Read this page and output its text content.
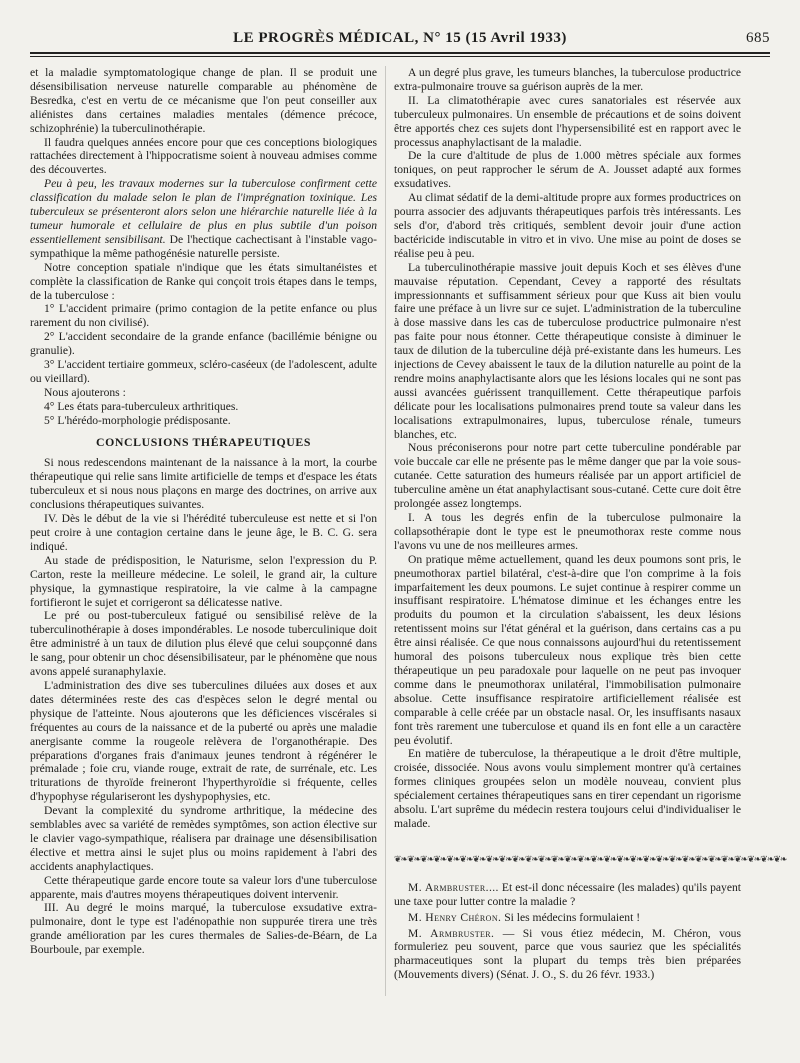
LE PROGRÈS MÉDICAL, N° 15 (15 Avril 1933)	685

et la maladie symptomatologique change de plan. Il se produit une désensibilisation nerveuse naturelle comparable au phénomène de Besredka, c'est en vertu de ce mécanisme que l'on peut conseiller aux aliénistes dans certaines maladies mentales (démence précoce, schizophrénie) la tuberculinothérapie.

Il faudra quelques années encore pour que ces conceptions biologiques rattachées directement à l'hippocratisme soient à nouveau admises comme des découvertes.

Peu à peu, les travaux modernes sur la tuberculose confirment cette classification du malade selon le plan de l'imprégnation toxinique. Les tuberculeux se présenteront alors selon une hiérarchie naturelle liée à la tumeur humorale et cellulaire de plus en plus subtile d'un poison essentiellement sensibilisant. De l'hectique cachectisant à l'instable vago-sympathique la même pathogénésie naturelle persiste.

Notre conception spatiale n'indique que les états simultanéistes et complète la classification de Ranke qui conçoit trois étapes dans le temps, de la tuberculose :

1° L'accident primaire (primo contagion de la petite enfance ou plus rarement du non civilisé).

2° L'accident secondaire de la grande enfance (bacillémie bénigne ou granulie).

3° L'accident tertiaire gommeux, scléro-caséeux (de l'adolescent, adulte ou vieillard).

Nous ajouterons :

4° Les états para-tuberculeux arthritiques.

5° L'hérédo-morphologie prédisposante.

CONCLUSIONS THÉRAPEUTIQUES

Si nous redescendons maintenant de la naissance à la mort, la courbe thérapeutique qui relie sans limite artificielle de temps et d'espace les états tuberculeux et si nous nous plaçons en marge des doctrines, on arrive aux conclusions thérapeutiques suivantes.

IV. Dès le début de la vie si l'hérédité tuberculeuse est nette et si l'on peut croire à une contagion certaine dans le jeune âge, le B. C. G. sera indiqué.

Au stade de prédisposition, le Naturisme, selon l'expression du P. Carton, reste la meilleure médecine. Le soleil, le grand air, la culture physique, la gymnastique respiratoire, la vie calme à la campagne fortifieront le sujet et corrigeront sa délicatesse native.

Le pré ou post-tuberculeux fatigué ou sensibilisé relève de la tuberculinothérapie à doses impondérables. Le nosode tuberculinique doit être administré à un taux de dilution plus élevé que celui soupçonné dans le sang, pour obtenir un choc désensibilisateur, par le phénomène que nous avons appelé suranaphylaxie.

L'administration des dive ses tuberculines diluées aux doses et aux dates déterminées reste des cas d'espèces selon le degré mental ou physique de l'atteinte. Nous ajouterons que les déficiences viscérales si fréquentes au cours de la naissance et de la puberté ou après une maladie anergisante comme la rougeole relèvera de l'organothérapie. Des préparations d'organes frais d'animaux jeunes tendront à régénérer le prémalade ; foie cru, viande rouge, extrait de rate, de surrénale, etc. Les triturations de thyroïde freineront l'hyperthyroïdie si fréquente, celles d'hypophyse régulariseront les dyshypophysies, etc.

Devant la complexité du syndrome arthritique, la médecine des semblables avec sa variété de remèdes symptômes, son action élective sur le clavier vago-sympathique, réalisera par drainage une désensibilisation élective et mettra ainsi le sujet plus ou moins rapidement à l'abri des accidents anaphylactiques.

Cette thérapeutique garde encore toute sa valeur lors d'une tuberculose apparente, mais d'autres moyens thérapeutiques doivent intervenir.

III. Au degré le moins marqué, la tuberculose exsudative extra-pulmonaire, dont le type est l'adénopathie non suppurée tirera une très grande amélioration par les cures thermales de Salies-de-Béarn, de La Bourboule, par exemple.

A un degré plus grave, les tumeurs blanches, la tuberculose productrice extra-pulmonaire trouve sa guérison auprès de la mer.

II. La climatothérapie avec cures sanatoriales est réservée aux tuberculeux pulmonaires. Un ensemble de précautions et de soins doivent être apportés chez ces sujets dont l'hypersensibilité est en rapport avec le processus anaphylactisant de la maladie.

De la cure d'altitude de plus de 1.000 mètres spéciale aux formes toniques, on peut rapprocher le sérum de A. Jousset adapté aux formes exsudatives.

Au climat sédatif de la demi-altitude propre aux formes productrices on pourra associer des adjuvants thérapeutiques parfois très intéressants. Les sels d'or, d'abord très critiqués, semblent devoir jouir d'une action bactéricide indiscutable in vitro et in vivo. Une mise au point de doses se réalise peu à peu.

La tuberculinothérapie massive jouit depuis Koch et ses élèves d'une mauvaise réputation. Cependant, Cevey a rapporté des résultats impressionnants et suffisamment sérieux pour que Kuss ait bien voulu faire une préface à un livre sur ce sujet. L'administration de la tuberculine à dose massive dans les cas de tuberculose productrice pulmonaire n'est pas faite pour nous étonner. Cette thérapeutique consiste à diminuer le taux de dilution de la tuberculine déjà pré-existante dans les humeurs. Les injections de Cevey abaissent le taux de la dilution naturelle au point de la rendre moins anaphylactisante alors que les lésions locales qui ne sont pas aussi avancées guérissent tranquillement. Cette thérapeutique parfois délicate pour les localisations pulmonaires prend toute sa valeur dans les localisations extrapulmonaires, lupus, tuberculose rénale, tumeurs blanches, etc.

Nous préconiserons pour notre part cette tuberculine pondérable par voie buccale car elle ne présente pas le même danger que par la voie sous-cutanée. Cette saturation des humeurs réalisée par un apport artificiel de tuberculine amène un état anaphylactisant sous-cutané. Cette cure doit être prolongée assez longtemps.

I. A tous les degrés enfin de la tuberculose pulmonaire la collapsothérapie dont le type est le pneumothorax reste comme nous l'avons vu une de nos meilleures armes.

On pratique même actuellement, quand les deux poumons sont pris, le pneumothorax partiel bilatéral, c'est-à-dire que l'on comprime à la fois imparfaitement les deux poumons. Le sujet continue à respirer comme un insuffisant respiratoire. L'hématose diminue et les échanges entre les produits du poumon et la circulation s'abaissent, les deux lésions retentissent moins sur l'état général et la guérison, dans certains cas a pu être ainsi réalisée. Ce que nous connaissons aujourd'hui du retentissement humoral des poisons tuberculeux nous explique très bien cette thérapeutique un peu paradoxale pour laquelle on ne peut pas invoquer comme dans le pneumothorax unilatéral, l'immobilisation pulmonaire absolue. Cette insuffisance respiratoire artificiellement réalisée est comparable à celle créée par un obstacle nasal. Or, les insuffisants nasaux font très rarement une tuberculose et quand ils en font elle a un caractère peu évolutif.

En matière de tuberculose, la thérapeutique a le droit d'être multiple, croisée, dissociée. Nous avons voulu simplement montrer qu'à certaines formes cliniques groupées selon un modèle nouveau, convient plus spécialement certaines thérapeutiques sans en tirer cependant un rigorisme absolu. L'art suprême du médecin restera toujours celui d'individualiser le malade.

❦❧❦❧❦❧❦❧❦❧❦❧❦❧❦❧❦❧❦❧❦❧❦❧❦❧❦❧❦❧❦❧❦❧❦❧❦❧❦❧❦❧❦❧❦❧❦❧❦❧❦❧❦❧❦❧❦❧❦❧

M. Armbruster.... Et est-il donc nécessaire (les malades) qu'ils payent une taxe pour lutter contre la maladie ?

M. Henry Chéron. Si les médecins formulaient !

M. Armbruster. — Si vous étiez médecin, M. Chéron, vous formuleriez peu souvent, parce que vous sauriez que les spécialités pharmaceutiques sont la plupart du temps très bien préparées (Mouvements divers) (Sénat. J. O., S. du 26 févr. 1933.)
